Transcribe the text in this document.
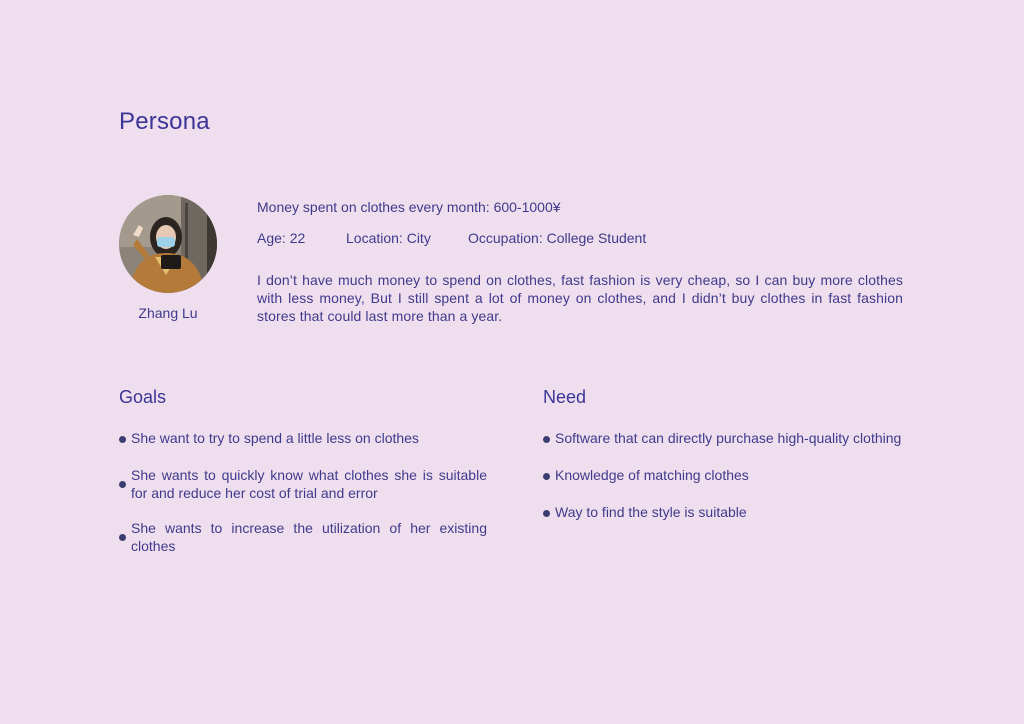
Persona
Zhang Lu
Money spent on clothes every month: 600-1000¥
Age: 22	Location: City	Occupation: College Student
I don’t have much money to spend on clothes, fast fashion is very cheap, so I can buy more clothes with less money, But I still spent a lot of money on clothes, and I didn’t buy clothes in fast fashion stores that could last more than a year.
Goals
She want to try to spend a little less on clothes
She wants to quickly know what clothes she is suitable for and reduce her cost of trial and error
She wants to increase the utilization of her existing clothes
Need
Software that can directly purchase high-quality clothing
Knowledge of matching clothes
Way to find the style is suitable
